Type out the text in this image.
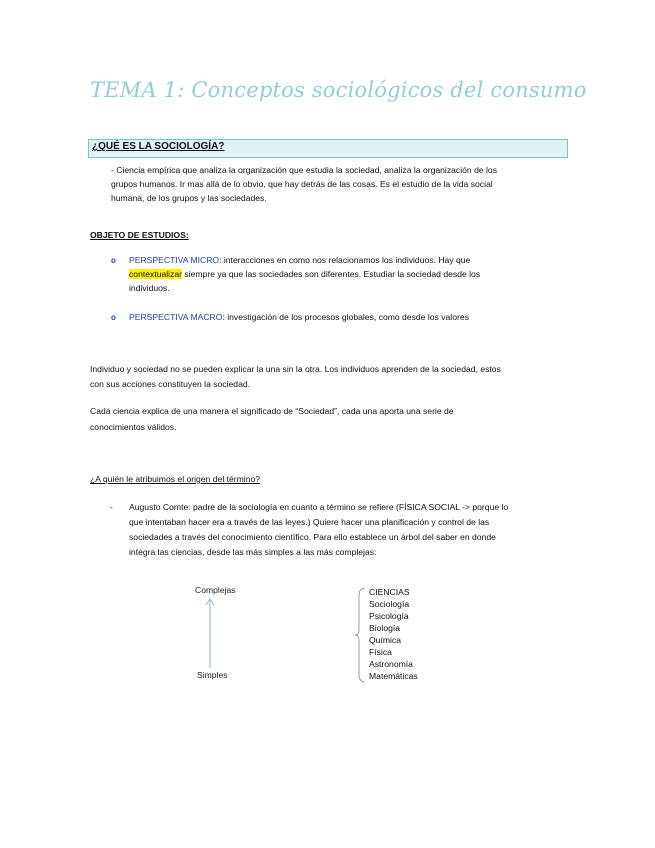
TEMA 1: Conceptos sociológicos del consumo
¿QUÉ ES LA SOCIOLOGÍA?
- Ciencia empírica que analiza la organización que estudia la sociedad, analiza la organización de los
grupos humanos. Ir mas allá de lo obvio, que hay detrás de las cosas. Es el estudio de la vida social
humana, de los grupos y las sociedades.
OBJETO DE ESTUDIOS:
o PERSPECTIVA MICRO: interacciones en como nos relacionamos los individuos. Hay que
contextualizar siempre ya que las sociedades son diferentes. Estudiar la sociedad desde los
individuos.
o PERSPECTIVA MACRO: investigación de los procesos globales, como desde los valores
Individuo y sociedad no se pueden explicar la una sin la otra. Los individuos aprenden de la sociedad, estos
con sus acciones constituyen la sociedad.
Cada ciencia explica de una manera el significado de “Sociedad”, cada una aporta una serie de
conocimientos válidos.
¿A quién le atribuimos el origen del término?
- Augusto Comte: padre de la sociología en cuanto a término se refiere (FÍSICA SOCIAL -> porque lo
que intentaban hacer era a través de las leyes.) Quiere hacer una planificación y control de las
sociedades a través del conocimiento científico. Para ello establece un árbol del saber en donde
integra las ciencias, desde las más simples a las más complejas:
Complejas
Simples
CIENCIAS
Sociología
Psicología
Biología
Química
Física
Astronomía
Matemáticas
